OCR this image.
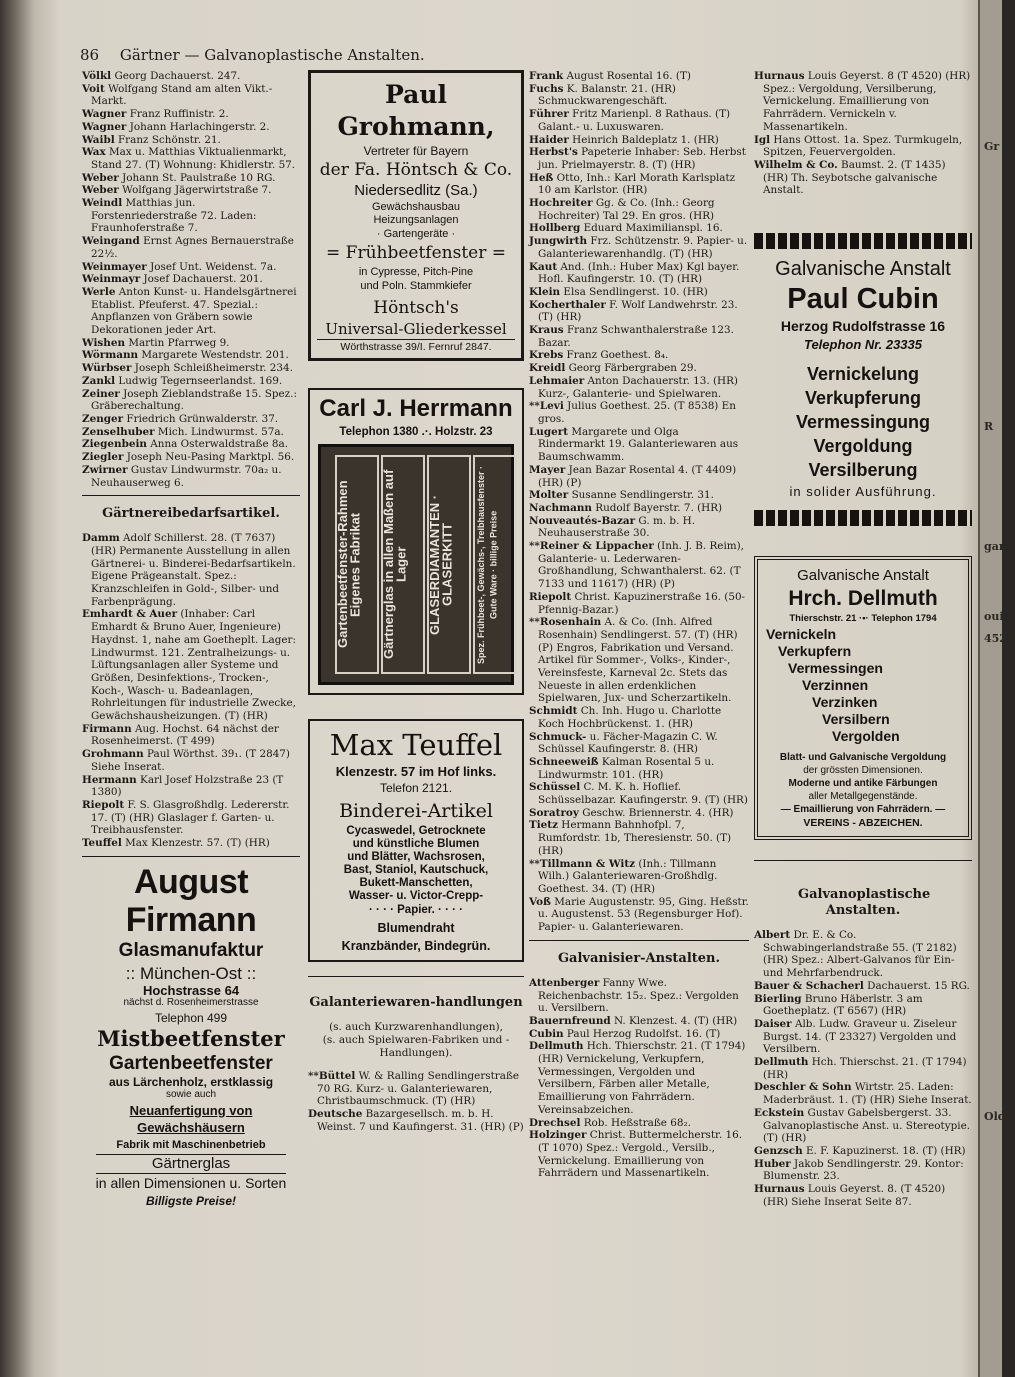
Gr
R
gar
ouis
4520
Old
86 Gärtner — Galvanoplastische Anstalten.

Völkl Georg Dachauerst. 247.

Voit Wolfgang Stand am alten Vikt.-Markt.

Wagner Franz Ruffinistr. 2.

Wagner Johann Harlachingerstr. 2.

Waibl Franz Schönstr. 21.

Wax Max u. Matthias Viktualienmarkt, Stand 27. (T) Wohnung: Khidlerstr. 57.

Weber Johann St. Paulstraße 10 RG.

Weber Wolfgang Jägerwirtstraße 7.

Weindl Matthias jun. Forstenriederstraße 72. Laden: Fraunhoferstraße 7.

Weingand Ernst Agnes Bernauerstraße 22½.

Weinmayer Josef Unt. Weidenst. 7a.

Weinmayr Josef Dachauerst. 201.

Werle Anton Kunst- u. Handelsgärtnerei Etablist. Pfeuferst. 47. Spezial.: Anpflanzen von Gräbern sowie Dekorationen jeder Art.

Wishen Martin Pfarrweg 9.

Wörmann Margarete Westendstr. 201.

Würbser Joseph Schleißheimerstr. 234.

Zankl Ludwig Tegernseerlandst. 169.

Zeiner Joseph Zieblandstraße 15. Spez.: Gräberechaltung.

Zenger Friedrich Grünwalderstr. 37.

Zenselhuber Mich. Lindwurmst. 57a.

Ziegenbein Anna Osterwaldstraße 8a.

Ziegler Joseph Neu-Pasing Marktpl. 56.

Zwirner Gustav Lindwurmstr. 70a₂ u. Neuhauserweg 6.

Gärtnereibedarfsartikel.

Damm Adolf Schillerst. 28. (T 7637) (HR) Permanente Ausstellung in allen Gärtnerei- u. Binderei-Bedarfsartikeln. Eigene Prägeanstalt. Spez.: Kranzschleifen in Gold-, Silber- und Farbenprägung.

Emhardt & Auer (Inhaber: Carl Emhardt & Bruno Auer, Ingenieure) Haydnst. 1, nahe am Goetheplt. Lager: Lindwurmst. 121. Zentralheizungs- u. Lüftungsanlagen aller Systeme und Größen, Desinfektions-, Trocken-, Koch-, Wasch- u. Badeanlagen, Rohrleitungen für industrielle Zwecke, Gewächshausheizungen. (T) (HR)

Firmann Aug. Hochst. 64 nächst der Rosenheimerst. (T 499)

Grohmann Paul Wörthst. 39₁. (T 2847) Siehe Inserat.

Hermann Karl Josef Holzstraße 23 (T 1380)

Riepolt F. S. Glasgroßhdlg. Ledererstr. 17. (T) (HR) Glaslager f. Garten- u. Treibhausfenster.

Teuffel Max Klenzestr. 57. (T) (HR)

August Firmann
Glasmanufaktur
:: München-Ost ::
Hochstrasse 64
nächst d. Rosenheimerstrasse
Telephon 499
Mistbeetfenster
Gartenbeetfenster
aus Lärchenholz, erstklassig
sowie auch
Neuanfertigung von Gewächshäusern
Fabrik mit Maschinenbetrieb
Gärtnerglas
in allen Dimensionen u. Sorten
Billigste Preise!
Paul Grohmann,
Vertreter für Bayern
der Fa. Höntsch & Co.
Niedersedlitz (Sa.)
Gewächshausbau
Heizungsanlagen
· Gartengeräte ·
= Frühbeetfenster =
in Cypresse, Pitch-Pine
und Poln. Stammkiefer
Höntsch's
Universal-Gliederkessel
Wörthstrasse 39/I. Fernruf 2847.
Carl J. Herrmann
Telephon 1380 .·. Holzstr. 23
Gartenbeetfenster-Rahmen Eigenes Fabrikat	Gärtnerglas in allen Maßen auf Lager	GLASERDIAMANTEN · GLASERKITT	Spez. Frühbeet-, Gewächs-, Treibhausfenster · Gute Ware · billige Preise
Max Teuffel
Klenzestr. 57 im Hof links.
Telefon 2121.
Binderei-Artikel
Cycaswedel, Getrocknete
und künstliche Blumen
und Blätter, Wachsrosen,
Bast, Staniol, Kautschuck,
Bukett-Manschetten,
Wasser- u. Victor-Crepp-
· · · · Papier. · · · ·
Blumendraht
Kranzbänder, Bindegrün.
Galanteriewaren-handlungen
(s. auch Kurzwarenhandlungen),
(s. auch Spielwaren-Fabriken und -Handlungen).

**Büttel W. & Ralling Sendlingerstraße 70 RG. Kurz- u. Galanteriewaren, Christbaumschmuck. (T) (HR)

Deutsche Bazargesellsch. m. b. H. Weinst. 7 und Kaufingerst. 31. (HR) (P)

Frank August Rosental 16. (T)

Fuchs K. Balanstr. 21. (HR) Schmuckwarengeschäft.

Führer Fritz Marienpl. 8 Rathaus. (T) Galant.- u. Luxuswaren.

Haider Heinrich Baldeplatz 1. (HR)

Herbst's Papeterie Inhaber: Seb. Herbst jun. Prielmayerstr. 8. (T) (HR)

Heß Otto, Inh.: Karl Morath Karlsplatz 10 am Karlstor. (HR)

Hochreiter Gg. & Co. (Inh.: Georg Hochreiter) Tal 29. En gros. (HR)

Hollberg Eduard Maximilianspl. 16.

Jungwirth Frz. Schützenstr. 9. Papier- u. Galanteriewarenhandlg. (T) (HR)

Kaut And. (Inh.: Huber Max) Kgl bayer. Hofl. Kaufingerstr. 10. (T) (HR)

Klein Elsa Sendlingerst. 10. (HR)

Kocherthaler F. Wolf Landwehrstr. 23. (T) (HR)

Kraus Franz Schwanthalerstraße 123. Bazar.

Krebs Franz Goethest. 8₄.

Kreidl Georg Färbergraben 29.

Lehmaier Anton Dachauerstr. 13. (HR) Kurz-, Galanterie- und Spielwaren.

**Levi Julius Goethest. 25. (T 8538) En gros.

Lugert Margarete und Olga Rindermarkt 19. Galanteriewaren aus Baumschwamm.

Mayer Jean Bazar Rosental 4. (T 4409) (HR) (P)

Molter Susanne Sendlingerstr. 31.

Nachmann Rudolf Bayerstr. 7. (HR)

Nouveautés-Bazar G. m. b. H. Neuhauserstraße 30.

**Reiner & Lippacher (Inh. J. B. Reim), Galanterie- u. Lederwaren-Großhandlung, Schwanthalerst. 62. (T 7133 und 11617) (HR) (P)

Riepolt Christ. Kapuzinerstraße 16. (50-Pfennig-Bazar.)

**Rosenhain A. & Co. (Inh. Alfred Rosenhain) Sendlingerst. 57. (T) (HR) (P) Engros, Fabrikation und Versand. Artikel für Sommer-, Volks-, Kinder-, Vereinsfeste, Karneval 2c. Stets das Neueste in allen erdenklichen Spielwaren, Jux- und Scherzartikeln.

Schmidt Ch. Inh. Hugo u. Charlotte Koch Hochbrückenst. 1. (HR)

Schmuck- u. Fächer-Magazin C. W. Schüssel Kaufingerstr. 8. (HR)

Schneeweiß Kalman Rosental 5 u. Lindwurmstr. 101. (HR)

Schüssel C. M. K. h. Hoflief. Schüsselbazar. Kaufingerstr. 9. (T) (HR)

Soratroy Geschw. Briennerstr. 4. (HR)

Tietz Hermann Bahnhofpl. 7, Rumfordstr. 1b, Theresienstr. 50. (T) (HR)

**Tillmann & Witz (Inh.: Tillmann Wilh.) Galanteriewaren-Großhdlg. Goethest. 34. (T) (HR)

Voß Marie Augustenstr. 95, Ging. Heßstr. u. Augustenst. 53 (Regensburger Hof). Papier- u. Galanteriewaren.

Galvanisier-Anstalten.

Attenberger Fanny Wwe. Reichenbachstr. 15₂. Spez.: Vergolden u. Versilbern.

Bauernfreund N. Klenzest. 4. (T) (HR)

Cubin Paul Herzog Rudolfst. 16. (T)

Dellmuth Hch. Thierschstr. 21. (T 1794) (HR) Vernickelung, Verkupfern, Vermessingen, Vergolden und Versilbern, Färben aller Metalle, Emaillierung von Fahrrädern. Vereinsabzeichen.

Drechsel Rob. Heßstraße 68₂.

Holzinger Christ. Buttermelcherstr. 16. (T 1070) Spez.: Vergold., Versilb., Vernickelung. Emaillierung von Fahrrädern und Massenartikeln.

Hurnaus Louis Geyerst. 8 (T 4520) (HR) Spez.: Vergoldung, Versilberung, Vernickelung. Emaillierung von Fahrrädern. Vernickeln v. Massenartikeln.

Igl Hans Ottost. 1a. Spez. Turmkugeln, Spitzen, Feuervergolden.

Wilhelm & Co. Baumst. 2. (T 1435) (HR) Th. Seybotsche galvanische Anstalt.

Galvanische Anstalt
Paul Cubin
Herzog Rudolfstrasse 16
Telephon Nr. 23335
Vernickelung
Verkupferung
Vermessingung
Vergoldung
Versilberung
in solider Ausführung.
Galvanische Anstalt
Hrch. Dellmuth
Thierschstr. 21 ·•· Telephon 1794
Vernickeln
Verkupfern
Vermessingen
Verzinnen
Verzinken
Versilbern
Vergolden
Blatt- und Galvanische Vergoldung
der grössten Dimensionen.
Moderne und antike Färbungen
aller Metallgegenstände.
— Emaillierung von Fahrrädern. —
VEREINS - ABZEICHEN.
Galvanoplastische Anstalten.

Albert Dr. E. & Co. Schwabingerlandstraße 55. (T 2182) (HR) Spez.: Albert-Galvanos für Ein- und Mehrfarbendruck.

Bauer & Schacherl Dachauerst. 15 RG.

Bierling Bruno Häberlstr. 3 am Goetheplatz. (T 6567) (HR)

Daiser Alb. Ludw. Graveur u. Ziseleur Burgst. 14. (T 23327) Vergolden und Versilbern.

Dellmuth Hch. Thierschst. 21. (T 1794) (HR)

Deschler & Sohn Wirtstr. 25. Laden: Maderbräust. 1. (T) (HR) Siehe Inserat.

Eckstein Gustav Gabelsbergerst. 33. Galvanoplastische Anst. u. Stereotypie. (T) (HR)

Genzsch E. F. Kapuzinerst. 18. (T) (HR)

Huber Jakob Sendlingerstr. 29. Kontor: Blumenstr. 23.

Hurnaus Louis Geyerst. 8. (T 4520) (HR) Siehe Inserat Seite 87.
